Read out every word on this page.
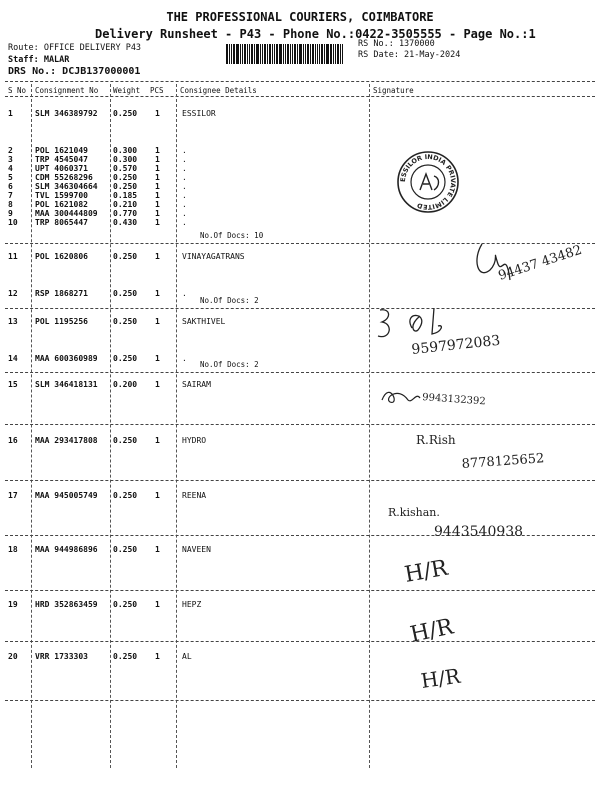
THE PROFESSIONAL COURIERS, COIMBATORE
Delivery Runsheet - P43 - Phone No.:0422-3505555 - Page No.:1
Route: OFFICE DELIVERY P43
Staff: MALAR
RS No.: 1370000
RS Date: 21-May-2024
DRS No.: DCJB137000001
S No Consignment No Weight PCS Consignee Details	Signature
1	SLM 346389792 0.250 1	ESSILOR
2	POL 1621049	0.300 1	.
3	TRP 4545047	0.300 1	.
4	UPT 4060371	0.570 1	.
5	CDM 55268296	0.250 1	.
6	SLM 346304664 0.250 1	.
7	TVL 1599700	0.185 1	.
8	POL 1621082	0.210 1	.
9	MAA 300444809 0.770 1	.
10 TRP 8065447	0.430 1	.
No.Of Docs: 10
11 POL 1620806	0.250 1	VINAYAGATRANS
12 RSP 1868271	0.250 1	.
No.Of Docs: 2
13 POL 1195256	0.250 1	SAKTHIVEL
14 MAA 600360989 0.250 1	.
No.Of Docs: 2
15 SLM 346418131 0.200 1	SAIRAM
16 MAA 293417808 0.250 1	HYDRO
17 MAA 945005749 0.250 1	REENA
18 MAA 944986896 0.250 1	NAVEEN
19 HRD 352863459 0.250 1	HEPZ
20 VRR 1733303	0.250 1	AL
ESSILOR INDIA PRIVATE LIMITED
94437 43482
9597972083
9943132392
R.Rish
8778125652
R.kishan.
9443540938
H/R
H/R
H/R
